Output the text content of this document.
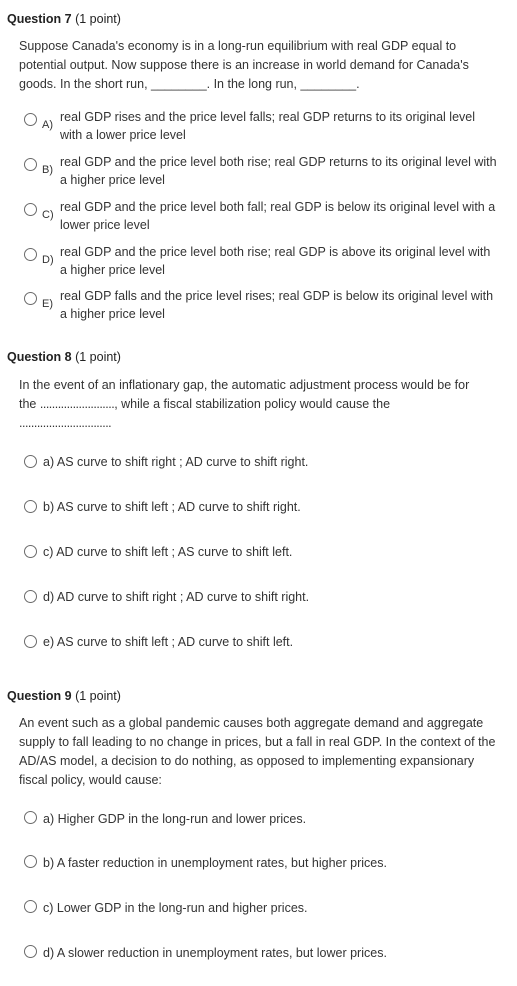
Question 7 (1 point)
Suppose Canada's economy is in a long-run equilibrium with real GDP equal to potential output. Now suppose there is an increase in world demand for Canada's goods. In the short run, ________. In the long run, ________.
A)
real GDP rises and the price level falls; real GDP returns to its original level with a lower price level
B)
real GDP and the price level both rise; real GDP returns to its original level with a higher price level
C)
real GDP and the price level both fall; real GDP is below its original level with a lower price level
D)
real GDP and the price level both rise; real GDP is above its original level with a higher price level
E)
real GDP falls and the price level rises; real GDP is below its original level with a higher price level
Question 8 (1 point)
In the event of an inflationary gap, the automatic adjustment process would be for
the ........................., while a fiscal stabilization policy would cause the
...............................
a) AS curve to shift right ; AD curve to shift right.
b) AS curve to shift left ; AD curve to shift right.
c) AD curve to shift left ; AS curve to shift left.
d) AD curve to shift right ; AD curve to shift right.
e) AS curve to shift left ; AD curve to shift left.
Question 9 (1 point)
An event such as a global pandemic causes both aggregate demand and aggregate supply to fall leading to no change in prices, but a fall in real GDP. In the context of the AD/AS model, a decision to do nothing, as opposed to implementing expansionary fiscal policy, would cause:
a) Higher GDP in the long-run and lower prices.
b) A faster reduction in unemployment rates, but higher prices.
c) Lower GDP in the long-run and higher prices.
d) A slower reduction in unemployment rates, but lower prices.
